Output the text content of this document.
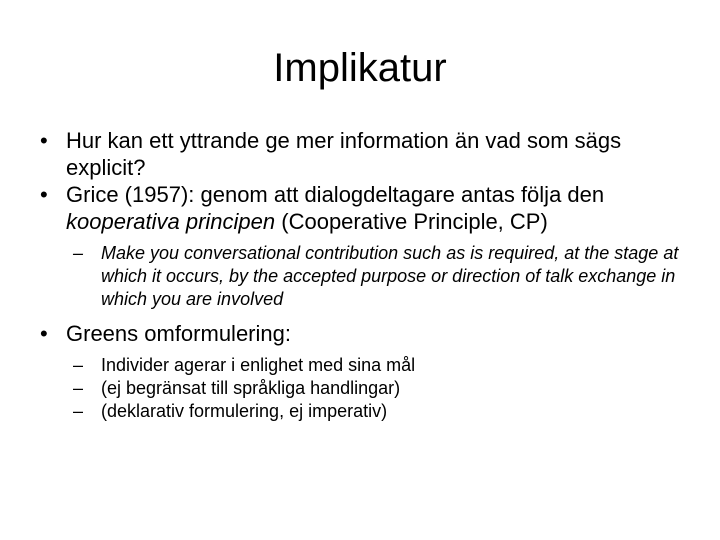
Implikatur
• Hur kan ett yttrande ge mer information än vad som sägs explicit?
• Grice (1957): genom att dialogdeltagare antas följa den kooperativa principen (Cooperative Principle, CP)
– Make you conversational contribution such as is required, at the stage at which it occurs, by the accepted purpose or direction of talk exchange in which you are involved
• Greens omformulering:
– Individer agerar i enlighet med sina mål
– (ej begränsat till språkliga handlingar)
– (deklarativ formulering, ej imperativ)
